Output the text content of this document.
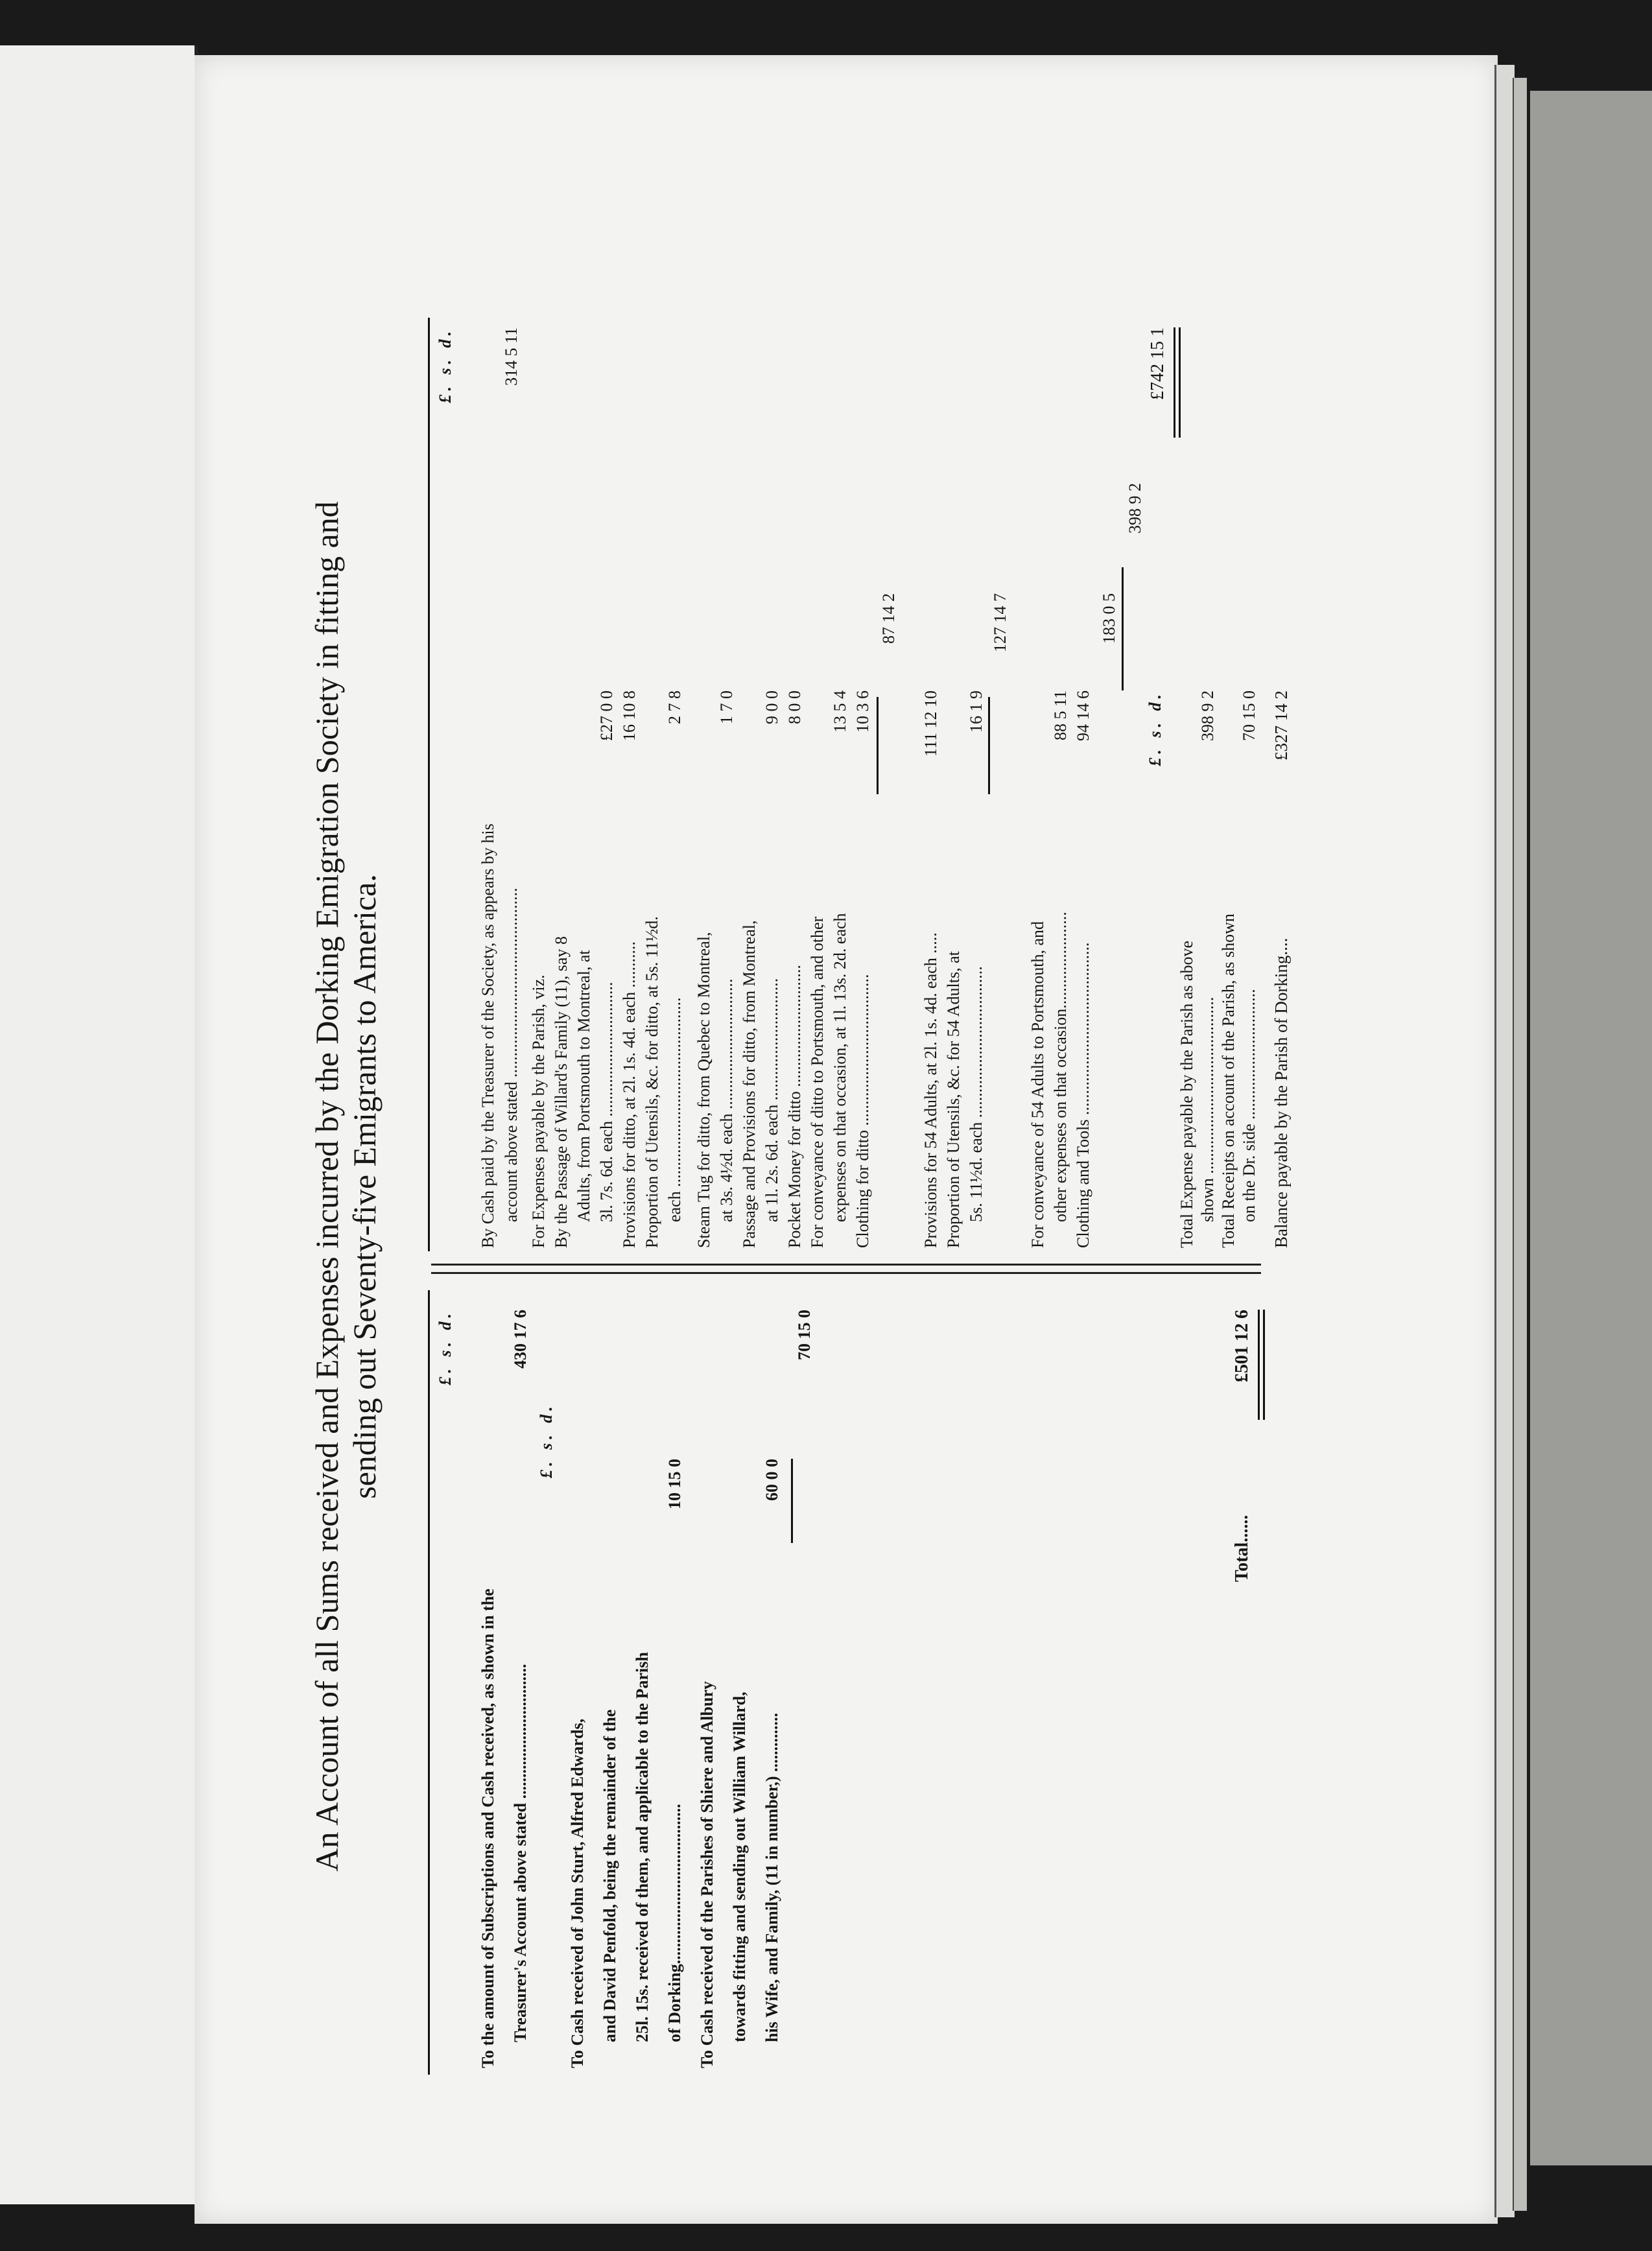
An Account of all Sums received and Expenses incurred by the Dorking Emigration Society in fitting and sending out Seventy-five Emigrants to America.	£. s. d.
To the amount of Subscriptions and Cash received, as shown in the Treasurer's Account above stated ................................
430 17 6
£. s. d.
To Cash received of John Sturt, Alfred Edwards, and David Penfold, being the remainder of the 25l. 15s. received of them, and applicable to the Parish of Dorking......................................
10 15 0
To Cash received of the Parishes of Shiere and Albury towards fitting and sending out William Willard, his Wife, and Family, (11 in number,) ..............
60 0 0
70 15 0
Total......
£501 12 6
£. s. d.
By Cash paid by the Treasurer of the Society, as appears by his account above stated .............................................
314 5 11
For Expenses payable by the Parish, viz. By the Passage of Willard's Family (11), say 8 Adults, from Portsmouth to Montreal, at 3l. 7s. 6d. each ................................
£27 0 0
Provisions for ditto, at 2l. 1s. 4d. each ...........
16 10 8
Proportion of Utensils, &c. for ditto, at 5s. 11½d. each .............................................
2 7 8
Steam Tug for ditto, from Quebec to Montreal, at 3s. 4½d. each ...............................
1 7 0
Passage and Provisions for ditto, from Montreal, at 1l. 2s. 6d. each .............................
9 0 0
Pocket Money for ditto .............................
8 0 0
For conveyance of ditto to Portsmouth, and other expenses on that occasion, at 1l. 13s. 2d. each
13 5 4
Clothing for ditto ....................................
10 3 6
87 14 2
Provisions for 54 Adults, at 2l. 1s. 4d. each .....
111 12 10
Proportion of Utensils, &c. for 54 Adults, at 5s. 11½d. each ....................................
16 1 9
127 14 7
For conveyance of 54 Adults to Portsmouth, and other expenses on that occasion.......................
88 5 11
Clothing and Tools .........................................
94 14 6
183 0 5
398 9 2
£. s. d.
£742 15 1
Total Expense payable by the Parish as above shown ..........................................
398 9 2
Total Receipts on account of the Parish, as shown on the Dr. side ...............................
70 15 0
Balance payable by the Parish of Dorking....
£327 14 2
